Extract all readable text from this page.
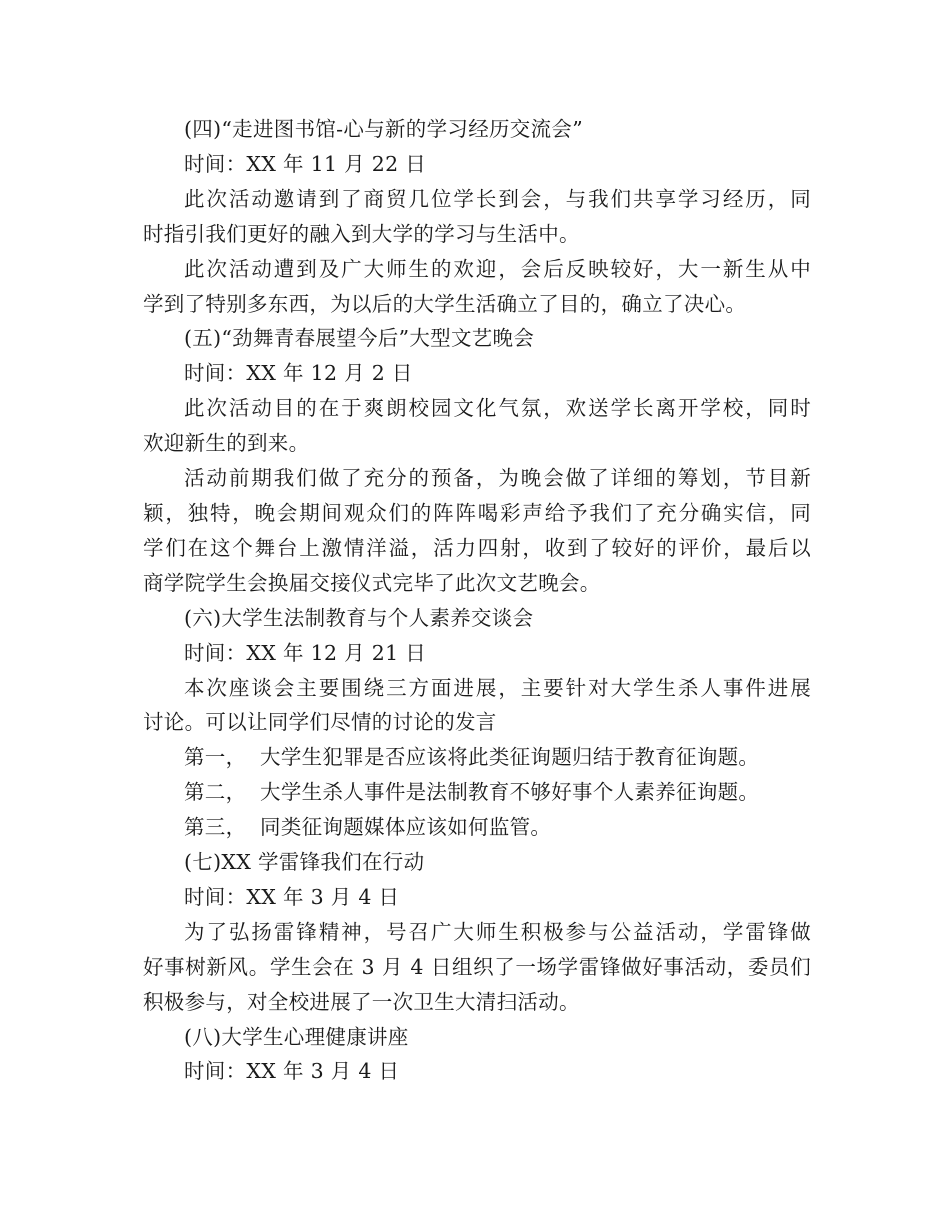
(四)“走进图书馆-心与新的学习经历交流会”
时间：XX 年 11 月 22 日
此次活动邀请到了商贸几位学长到会，与我们共享学习经历，同
时指引我们更好的融入到大学的学习与生活中。
此次活动遭到及广大师生的欢迎，会后反映较好，大一新生从中
学到了特别多东西，为以后的大学生活确立了目的，确立了决心。
(五)“劲舞青春展望今后”大型文艺晚会
时间：XX 年 12 月 2 日
此次活动目的在于爽朗校园文化气氛，欢送学长离开学校，同时
欢迎新生的到来。
活动前期我们做了充分的预备，为晚会做了详细的筹划，节目新
颖，独特，晚会期间观众们的阵阵喝彩声给予我们了充分确实信，同
学们在这个舞台上激情洋溢，活力四射，收到了较好的评价，最后以
商学院学生会换届交接仪式完毕了此次文艺晚会。
(六)大学生法制教育与个人素养交谈会
时间：XX 年 12 月 21 日
本次座谈会主要围绕三方面进展，主要针对大学生杀人事件进展
讨论。可以让同学们尽情的讨论的发言
第一，  大学生犯罪是否应该将此类征询题归结于教育征询题。
第二，  大学生杀人事件是法制教育不够好事个人素养征询题。
第三，  同类征询题媒体应该如何监管。
(七)XX 学雷锋我们在行动
时间：XX 年 3 月 4 日
为了弘扬雷锋精神，号召广大师生积极参与公益活动，学雷锋做
好事树新风。学生会在 3 月 4 日组织了一场学雷锋做好事活动，委员们
积极参与，对全校进展了一次卫生大清扫活动。
(八)大学生心理健康讲座
时间：XX 年 3 月 4 日
